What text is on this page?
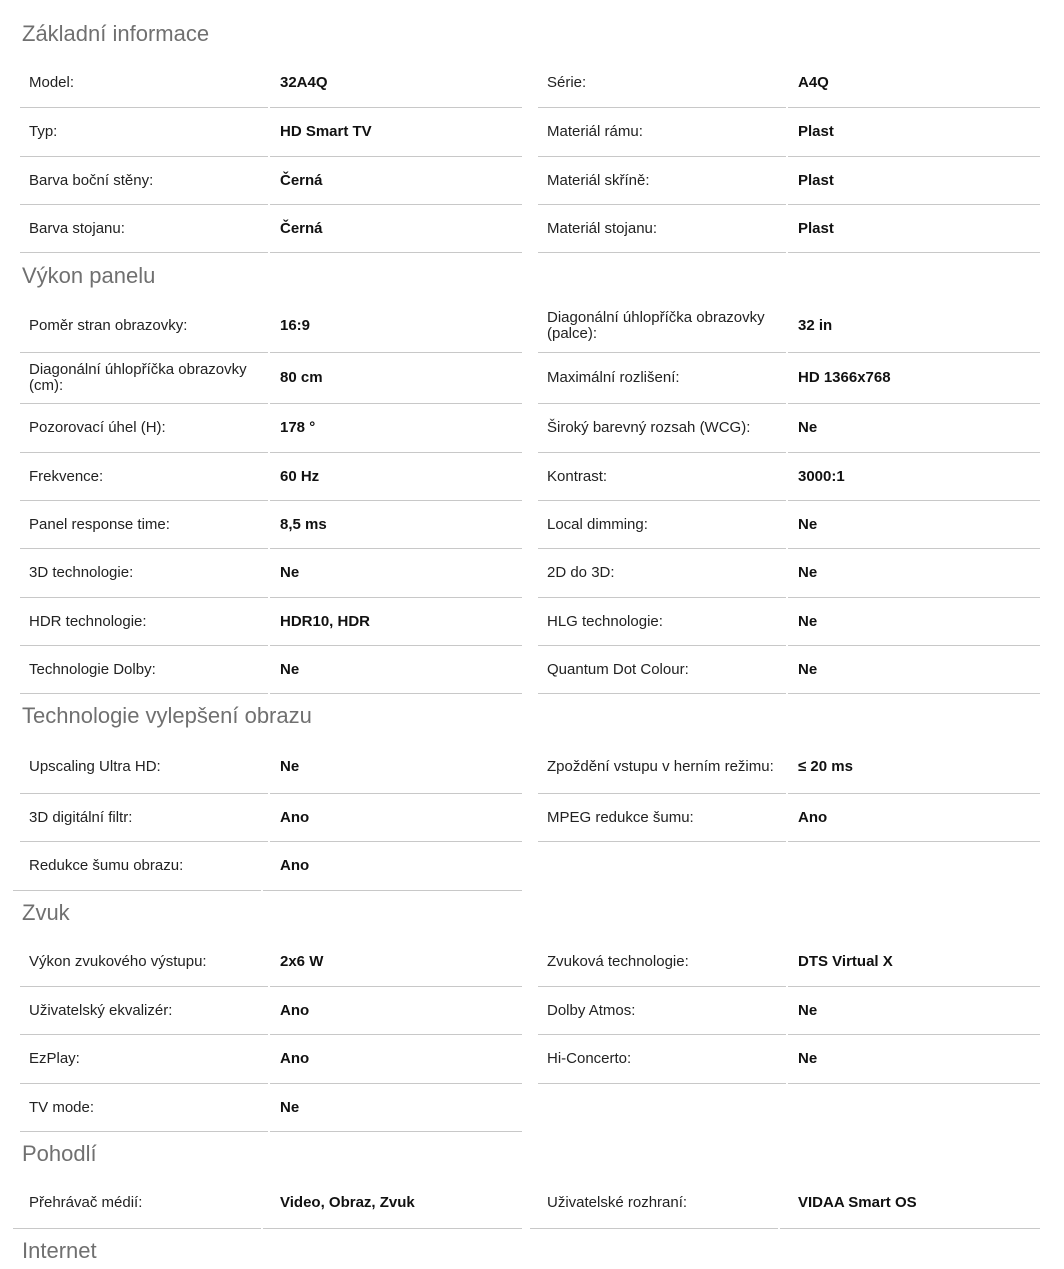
Základní informace
Model:	32A4Q	Série:	A4Q
Typ:	HD Smart TV	Materiál rámu:	Plast
Barva boční stěny:	Černá	Materiál skříně:	Plast
Barva stojanu:	Černá	Materiál stojanu:	Plast
Výkon panelu
Poměr stran obrazovky:	16:9	Diagonální úhlopříčka obrazovky (palce):	32 in
Diagonální úhlopříčka obrazovky (cm):	80 cm	Maximální rozlišení:	HD 1366x768
Pozorovací úhel (H):	178 °	Široký barevný rozsah (WCG):	Ne
Frekvence:	60 Hz	Kontrast:	3000:1
Panel response time:	8,5 ms	Local dimming:	Ne
3D technologie:	Ne	2D do 3D:	Ne
HDR technologie:	HDR10, HDR	HLG technologie:	Ne
Technologie Dolby:	Ne	Quantum Dot Colour:	Ne
Technologie vylepšení obrazu
Upscaling Ultra HD:	Ne	Zpoždění vstupu v herním režimu:	≤ 20 ms
3D digitální filtr:	Ano	MPEG redukce šumu:	Ano
Redukce šumu obrazu:	Ano
Zvuk
Výkon zvukového výstupu:	2x6 W	Zvuková technologie:	DTS Virtual X
Uživatelský ekvalizér:	Ano	Dolby Atmos:	Ne
EzPlay:	Ano	Hi-Concerto:	Ne
TV mode:	Ne
Pohodlí
Přehrávač médií:	Video, Obraz, Zvuk	Uživatelské rozhraní:	VIDAA Smart OS
Internet
